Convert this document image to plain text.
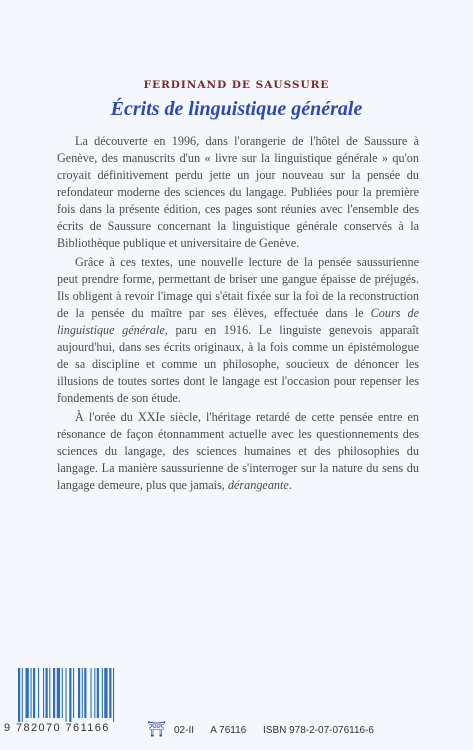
FERDINAND DE SAUSSURE
Écrits de linguistique générale

La découverte en 1996, dans l'orangerie de l'hôtel de Saussure à Genève, des manuscrits d'un « livre sur la linguistique générale » qu'on croyait définitivement perdu jette un jour nouveau sur la pensée du refondateur moderne des sciences du langage. Publiées pour la première fois dans la présente édition, ces pages sont réunies avec l'ensemble des écrits de Saussure concernant la linguistique générale conservés à la Bibliothèque publique et universitaire de Genève.

Grâce à ces textes, une nouvelle lecture de la pensée saussurienne peut prendre forme, permettant de briser une gangue épaisse de préjugés. Ils obligent à revoir l'image qui s'était fixée sur la foi de la reconstruction de la pensée du maître par ses élèves, effectuée dans le Cours de linguistique générale, paru en 1916. Le linguiste genevois apparaît aujourd'hui, dans ses écrits originaux, à la fois comme un épistémologue de sa discipline et comme un philosophe, soucieux de dénoncer les illusions de toutes sortes dont le langage est l'occasion pour repenser les fondements de son étude.

À l'orée du XXIe siècle, l'héritage retardé de cette pensée entre en résonance de façon étonnamment actuelle avec les questionnements des sciences du langage, des sciences humaines et des philosophies du langage. La manière saussurienne de s'interroger sur la nature du sens du langage demeure, plus que jamais, dérangeante.

9 782070 761166 ⛩ 02-II A 76116 ISBN 978-2-07-076116-6
